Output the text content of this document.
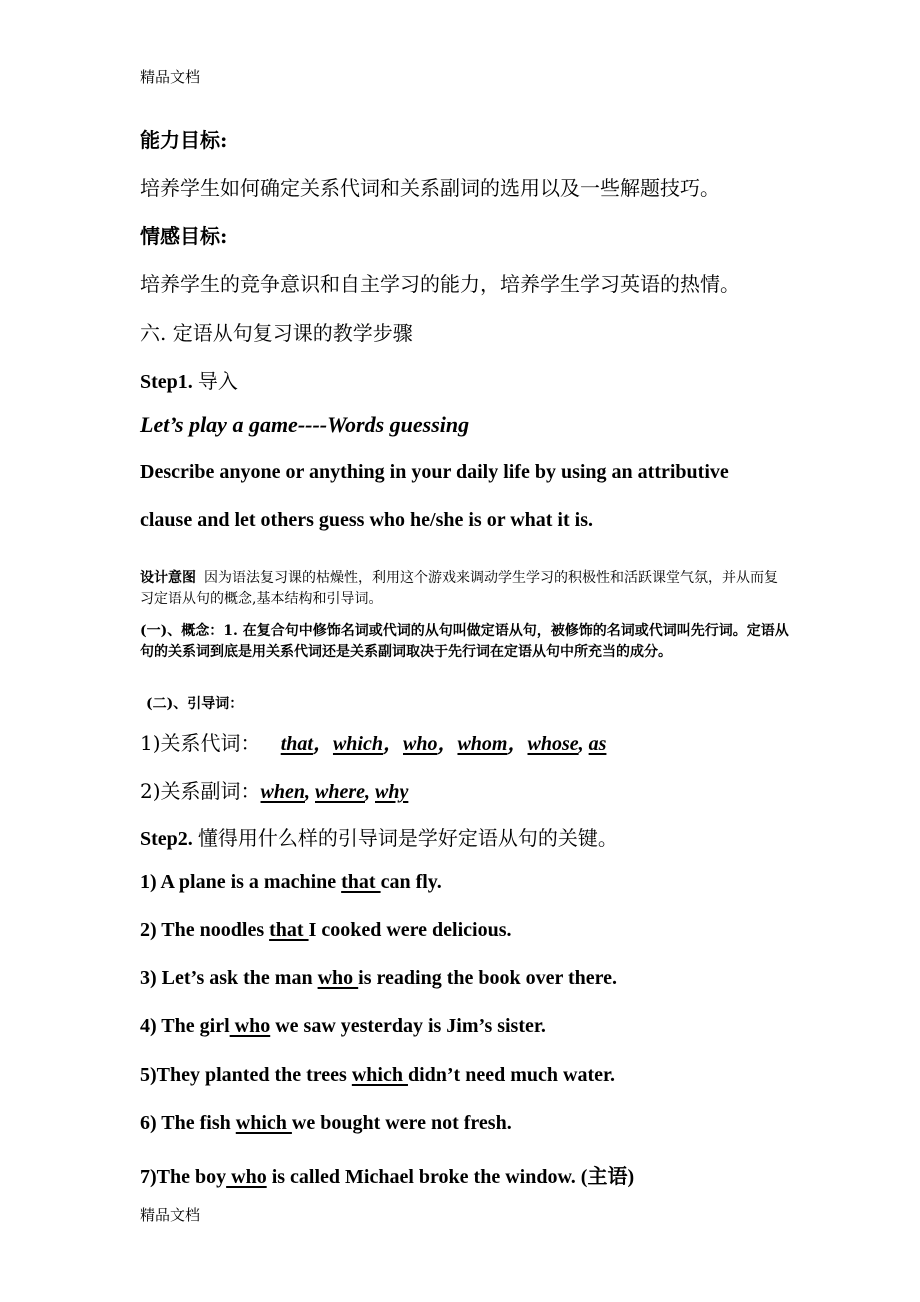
精品文档
能力目标:
培养学生如何确定关系代词和关系副词的选用以及一些解题技巧。
情感目标:
培养学生的竞争意识和自主学习的能力，培养学生学习英语的热情。
六. 定语从句复习课的教学步骤
Step1. 导入
Let’s play a game----Words guessing
Describe anyone or anything in your daily life by using an attributive
clause and let others guess who he/she is or what it is.
设计意图 因为语法复习课的枯燥性，利用这个游戏来调动学生学习的积极性和活跃课堂气氛，并从而复习定语从句的概念,基本结构和引导词。
(一)、概念：1. 在复合句中修饰名词或代词的从句叫做定语从句，被修饰的名词或代词叫先行词。定语从句的关系词到底是用关系代词还是关系副词取决于先行词在定语从句中所充当的成分。
(二)、引导词：
1)关系代词： that，which，who，whom，whose, as
2)关系副词：when, where, why
Step2. 懂得用什么样的引导词是学好定语从句的关键。
1) A plane is a machine that can fly.
2) The noodles that I cooked were delicious.
3) Let’s ask the man who is reading the book over there.
4) The girl who we saw yesterday is Jim’s sister.
5)They planted the trees which didn’t need much water.
6) The fish which we bought were not fresh.
7)The boy who is called Michael broke the window. (主语)
精品文档
